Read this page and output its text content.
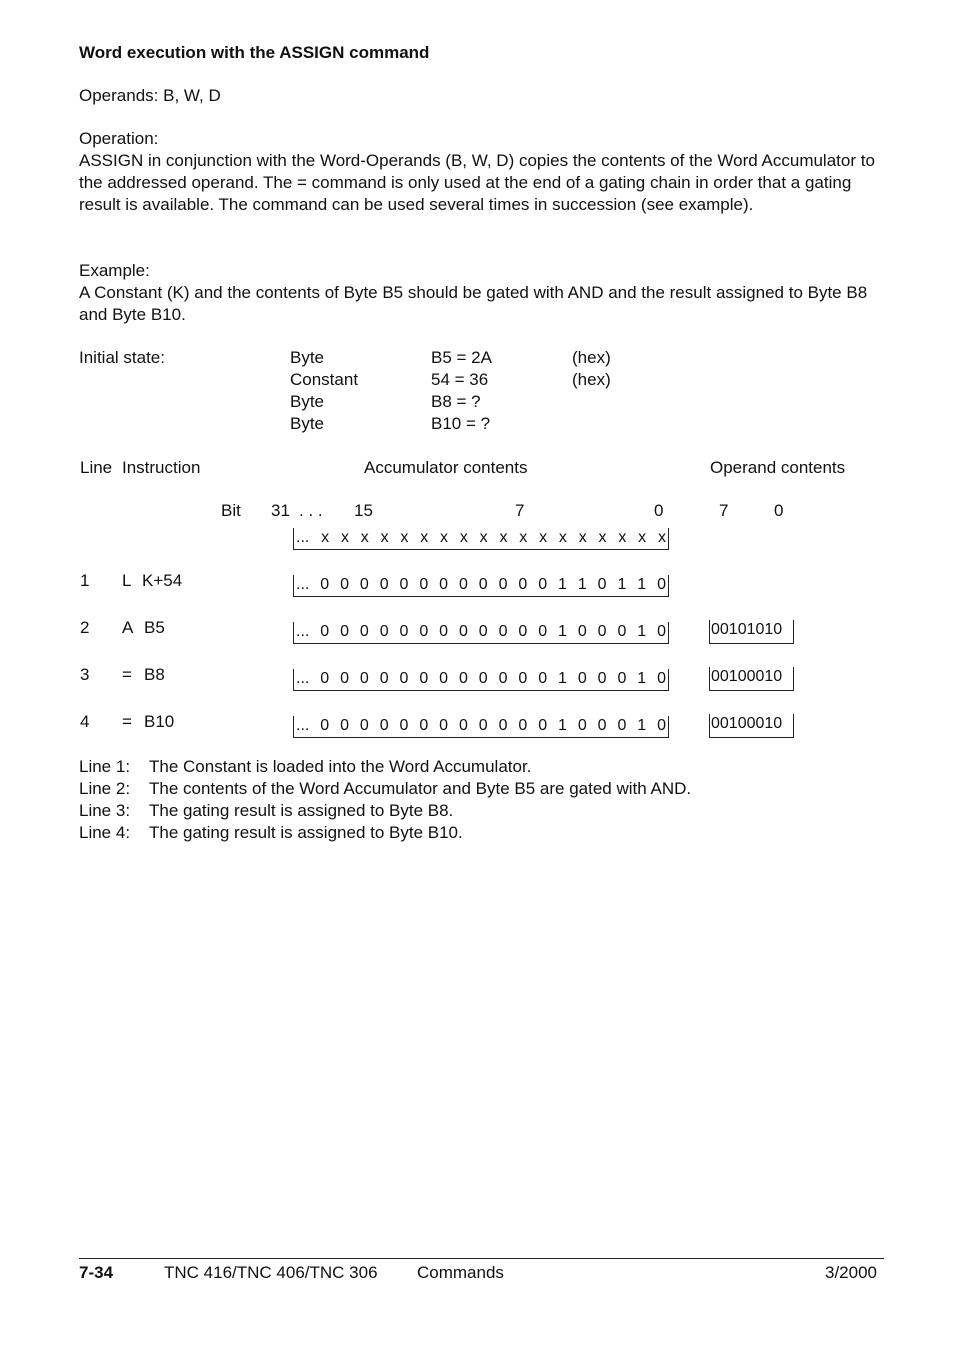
Word execution with the ASSIGN command
Operands: B, W, D
Operation:
ASSIGN in conjunction with the Word-Operands (B, W, D) copies the contents of the Word Accumulator to the addressed operand. The = command is only used at the end of a gating chain in order that a gating result is available. The command can be used several times in succession (see example).
Example:
A Constant (K) and the contents of Byte B5 should be gated with AND and the result assigned to Byte B8 and Byte B10.
Initial state:	Byte	B5 = 2A	(hex)
Constant	54 = 36	(hex)
Byte	B8 = ?
Byte	B10 = ?
Line Instruction	Accumulator contents	Operand contents
Bit 31 . . . 15	7	0	7	0
... x x x x x x x x x x x x x x x x x x
1 L K+54	... 0 0 0 0 0 0 0 0 0 0 0 0 1 1 0 1 1 0
2 A B5	... 0 0 0 0 0 0 0 0 0 0 0 0 1 0 0 0 1 0	00101010
3 = B8	... 0 0 0 0 0 0 0 0 0 0 0 0 1 0 0 0 1 0	00100010
4 = B10	... 0 0 0 0 0 0 0 0 0 0 0 0 1 0 0 0 1 0	00100010
Line 1: The Constant is loaded into the Word Accumulator.
Line 2: The contents of the Word Accumulator and Byte B5 are gated with AND.
Line 3: The gating result is assigned to Byte B8.
Line 4: The gating result is assigned to Byte B10.
7-34	TNC 416/TNC 406/TNC 306 Commands	3/2000
